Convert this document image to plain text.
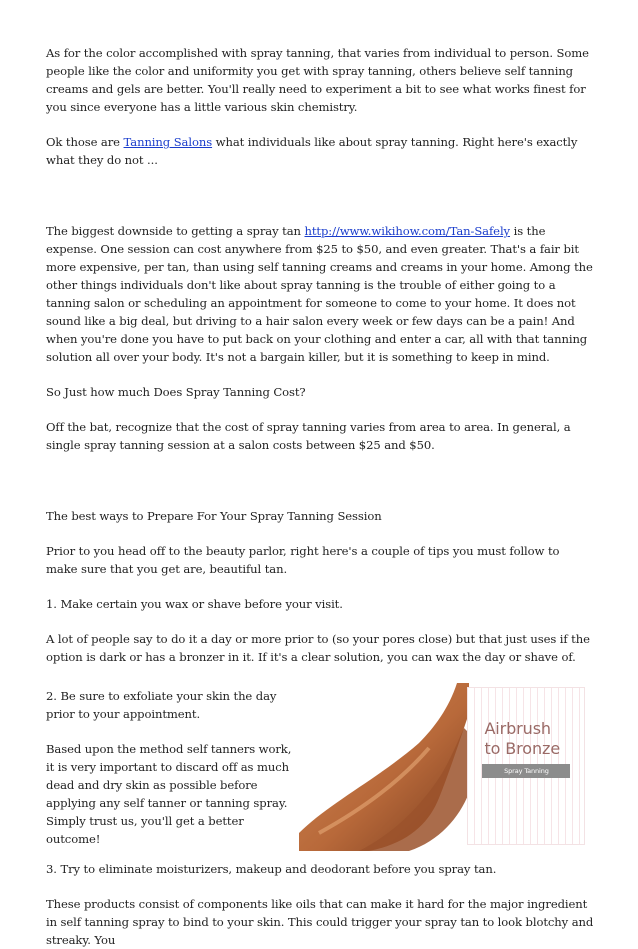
As for the color accomplished with spray tanning, that varies from individual to person. Some people like the color and uniformity you get with spray tanning, others believe self tanning creams and gels are better. You'll really need to experiment a bit to see what works finest for you since everyone has a little various skin chemistry.

Ok those are Tanning Salons what individuals like about spray tanning. Right here's exactly what they do not ...

The biggest downside to getting a spray tan http://www.wikihow.com/Tan-Safely is the expense. One session can cost anywhere from $25 to $50, and even greater. That's a fair bit more expensive, per tan, than using self tanning creams and creams in your home. Among the other things individuals don't like about spray tanning is the trouble of either going to a tanning salon or scheduling an appointment for someone to come to your home. It does not sound like a big deal, but driving to a hair salon every week or few days can be a pain! And when you're done you have to put back on your clothing and enter a car, all with that tanning solution all over your body. It's not a bargain killer, but it is something to keep in mind.

So Just how much Does Spray Tanning Cost?

Off the bat, recognize that the cost of spray tanning varies from area to area. In general, a single spray tanning session at a salon costs between $25 and $50.

The best ways to Prepare For Your Spray Tanning Session

Prior to you head off to the beauty parlor, right here's a couple of tips you must follow to make sure that you get are, beautiful tan.

1. Make certain you wax or shave before your visit.

A lot of people say to do it a day or more prior to (so your pores close) but that just uses if the option is dark or has a bronzer in it. If it's a clear solution, you can wax the day or shave of.

2. Be sure to exfoliate your skin the day prior to your appointment.

Based upon the method self tanners work, it is very important to discard off as much dead and dry skin as possible before applying any self tanner or tanning spray. Simply trust us, you'll get a better outcome!

Airbrush
to Bronze
Spray Tanning

3. Try to eliminate moisturizers, makeup and deodorant before you spray tan.

These products consist of components like oils that can make it hard for the major ingredient in self tanning spray to bind to your skin. This could trigger your spray tan to look blotchy and streaky. You
